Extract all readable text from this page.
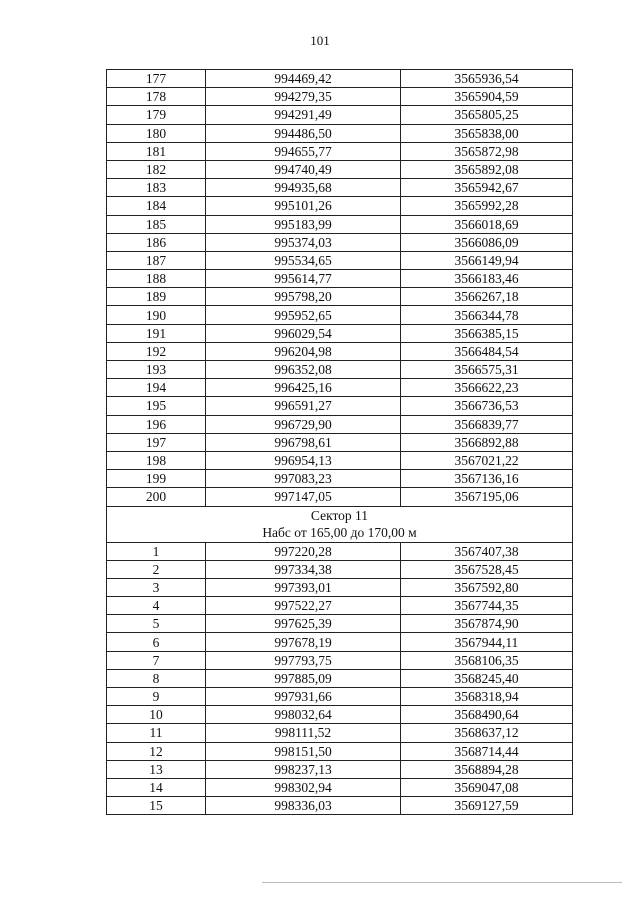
101
177	994469,42	3565936,54
178	994279,35	3565904,59
179	994291,49	3565805,25
180	994486,50	3565838,00
181	994655,77	3565872,98
182	994740,49	3565892,08
183	994935,68	3565942,67
184	995101,26	3565992,28
185	995183,99	3566018,69
186	995374,03	3566086,09
187	995534,65	3566149,94
188	995614,77	3566183,46
189	995798,20	3566267,18
190	995952,65	3566344,78
191	996029,54	3566385,15
192	996204,98	3566484,54
193	996352,08	3566575,31
194	996425,16	3566622,23
195	996591,27	3566736,53
196	996729,90	3566839,77
197	996798,61	3566892,88
198	996954,13	3567021,22
199	997083,23	3567136,16
200	997147,05	3567195,06

Сектор 11
Набс от 165,00 до 170,00 м		

1	997220,28	3567407,38
2	997334,38	3567528,45
3	997393,01	3567592,80
4	997522,27	3567744,35
5	997625,39	3567874,90
6	997678,19	3567944,11
7	997793,75	3568106,35
8	997885,09	3568245,40
9	997931,66	3568318,94
10	998032,64	3568490,64
11	998111,52	3568637,12
12	998151,50	3568714,44
13	998237,13	3568894,28
14	998302,94	3569047,08
15	998336,03	3569127,59
